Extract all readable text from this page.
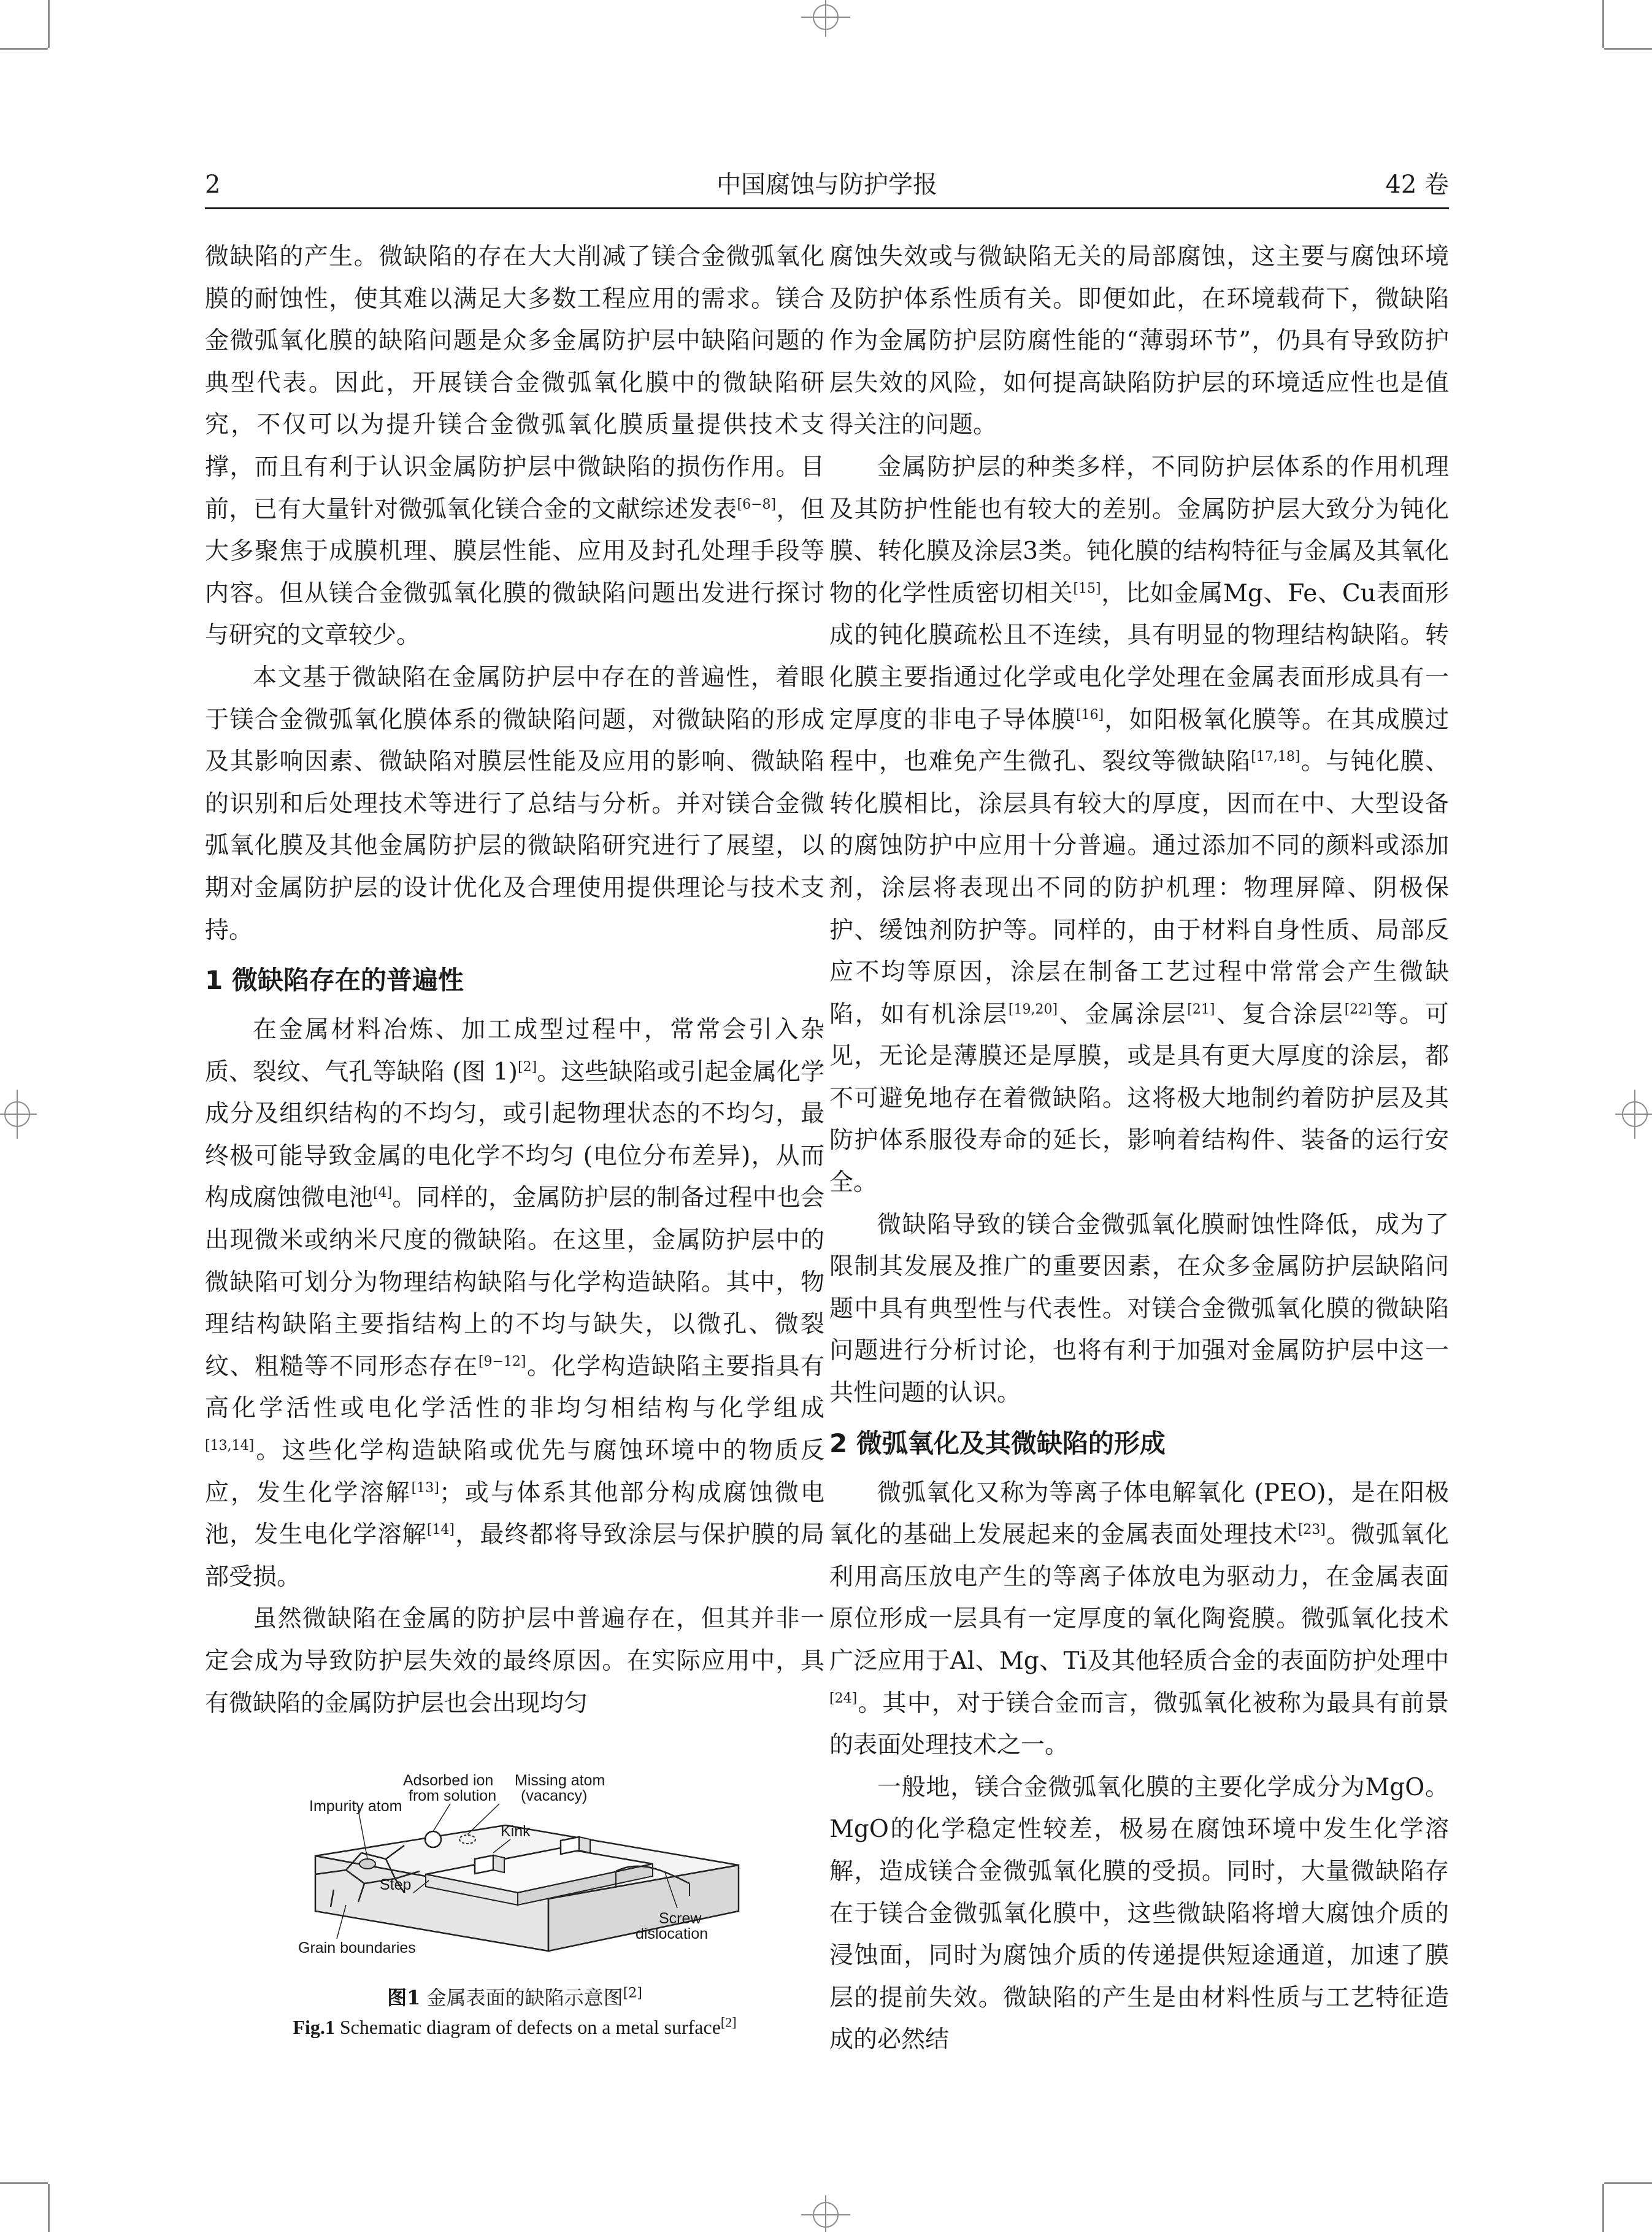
2	中国腐蚀与防护学报	42 卷

微缺陷的产生。微缺陷的存在大大削减了镁合金微弧氧化膜的耐蚀性，使其难以满足大多数工程应用的需求。镁合金微弧氧化膜的缺陷问题是众多金属防护层中缺陷问题的典型代表。因此，开展镁合金微弧氧化膜中的微缺陷研究，不仅可以为提升镁合金微弧氧化膜质量提供技术支撑，而且有利于认识金属防护层中微缺陷的损伤作用。目前，已有大量针对微弧氧化镁合金的文献综述发表[6−8]，但大多聚焦于成膜机理、膜层性能、应用及封孔处理手段等内容。但从镁合金微弧氧化膜的微缺陷问题出发进行探讨与研究的文章较少。

本文基于微缺陷在金属防护层中存在的普遍性，着眼于镁合金微弧氧化膜体系的微缺陷问题，对微缺陷的形成及其影响因素、微缺陷对膜层性能及应用的影响、微缺陷的识别和后处理技术等进行了总结与分析。并对镁合金微弧氧化膜及其他金属防护层的微缺陷研究进行了展望，以期对金属防护层的设计优化及合理使用提供理论与技术支持。

1 微缺陷存在的普遍性

在金属材料冶炼、加工成型过程中，常常会引入杂质、裂纹、气孔等缺陷 (图 1)[2]。这些缺陷或引起金属化学成分及组织结构的不均匀，或引起物理状态的不均匀，最终极可能导致金属的电化学不均匀 (电位分布差异)，从而构成腐蚀微电池[4]。同样的，金属防护层的制备过程中也会出现微米或纳米尺度的微缺陷。在这里，金属防护层中的微缺陷可划分为物理结构缺陷与化学构造缺陷。其中，物理结构缺陷主要指结构上的不均与缺失，以微孔、微裂纹、粗糙等不同形态存在[9−12]。化学构造缺陷主要指具有高化学活性或电化学活性的非均匀相结构与化学组成[13,14]。这些化学构造缺陷或优先与腐蚀环境中的物质反应，发生化学溶解[13]；或与体系其他部分构成腐蚀微电池，发生电化学溶解[14]，最终都将导致涂层与保护膜的局部受损。

虽然微缺陷在金属的防护层中普遍存在，但其并非一定会成为导致防护层失效的最终原因。在实际应用中，具有微缺陷的金属防护层也会出现均匀

Adsorbed ion
from solution
Missing atom
(vacancy)
Impurity atom
Kink
Step
Grain boundaries
Screw
dislocation
图1 金属表面的缺陷示意图[2]
Fig.1 Schematic diagram of defects on a metal surface[2]

腐蚀失效或与微缺陷无关的局部腐蚀，这主要与腐蚀环境及防护体系性质有关。即便如此，在环境载荷下，微缺陷作为金属防护层防腐性能的“薄弱环节”，仍具有导致防护层失效的风险，如何提高缺陷防护层的环境适应性也是值得关注的问题。

金属防护层的种类多样，不同防护层体系的作用机理及其防护性能也有较大的差别。金属防护层大致分为钝化膜、转化膜及涂层3类。钝化膜的结构特征与金属及其氧化物的化学性质密切相关[15]，比如金属Mg、Fe、Cu表面形成的钝化膜疏松且不连续，具有明显的物理结构缺陷。转化膜主要指通过化学或电化学处理在金属表面形成具有一定厚度的非电子导体膜[16]，如阳极氧化膜等。在其成膜过程中，也难免产生微孔、裂纹等微缺陷[17,18]。与钝化膜、转化膜相比，涂层具有较大的厚度，因而在中、大型设备的腐蚀防护中应用十分普遍。通过添加不同的颜料或添加剂，涂层将表现出不同的防护机理：物理屏障、阴极保护、缓蚀剂防护等。同样的，由于材料自身性质、局部反应不均等原因，涂层在制备工艺过程中常常会产生微缺陷，如有机涂层[19,20]、金属涂层[21]、复合涂层[22]等。可见，无论是薄膜还是厚膜，或是具有更大厚度的涂层，都不可避免地存在着微缺陷。这将极大地制约着防护层及其防护体系服役寿命的延长，影响着结构件、装备的运行安全。

微缺陷导致的镁合金微弧氧化膜耐蚀性降低，成为了限制其发展及推广的重要因素，在众多金属防护层缺陷问题中具有典型性与代表性。对镁合金微弧氧化膜的微缺陷问题进行分析讨论，也将有利于加强对金属防护层中这一共性问题的认识。

2 微弧氧化及其微缺陷的形成

微弧氧化又称为等离子体电解氧化 (PEO)，是在阳极氧化的基础上发展起来的金属表面处理技术[23]。微弧氧化利用高压放电产生的等离子体放电为驱动力，在金属表面原位形成一层具有一定厚度的氧化陶瓷膜。微弧氧化技术广泛应用于Al、Mg、Ti及其他轻质合金的表面防护处理中[24]。其中，对于镁合金而言，微弧氧化被称为最具有前景的表面处理技术之一。

一般地，镁合金微弧氧化膜的主要化学成分为MgO。MgO的化学稳定性较差，极易在腐蚀环境中发生化学溶解，造成镁合金微弧氧化膜的受损。同时，大量微缺陷存在于镁合金微弧氧化膜中，这些微缺陷将增大腐蚀介质的浸蚀面，同时为腐蚀介质的传递提供短途通道，加速了膜层的提前失效。微缺陷的产生是由材料性质与工艺特征造成的必然结
